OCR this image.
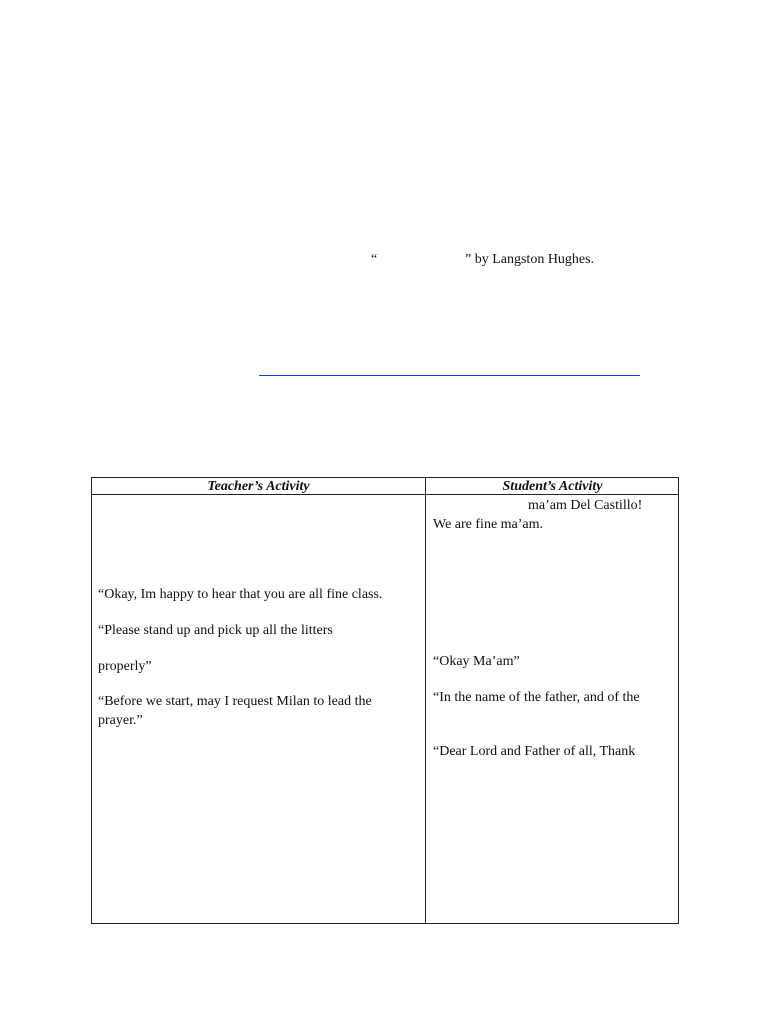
“	” by Langston Hughes.
Teacher’s Activity	Student’s Activity
“Okay, Im happy to hear that you are all fine class.
“Please stand up and pick up all the litters
properly”
“Before we start, may I request Milan to lead the
prayer.”
ma’am Del Castillo!
We are fine ma’am.
“Okay Ma’am”
“In the name of the father, and of the
“Dear Lord and Father of all, Thank
